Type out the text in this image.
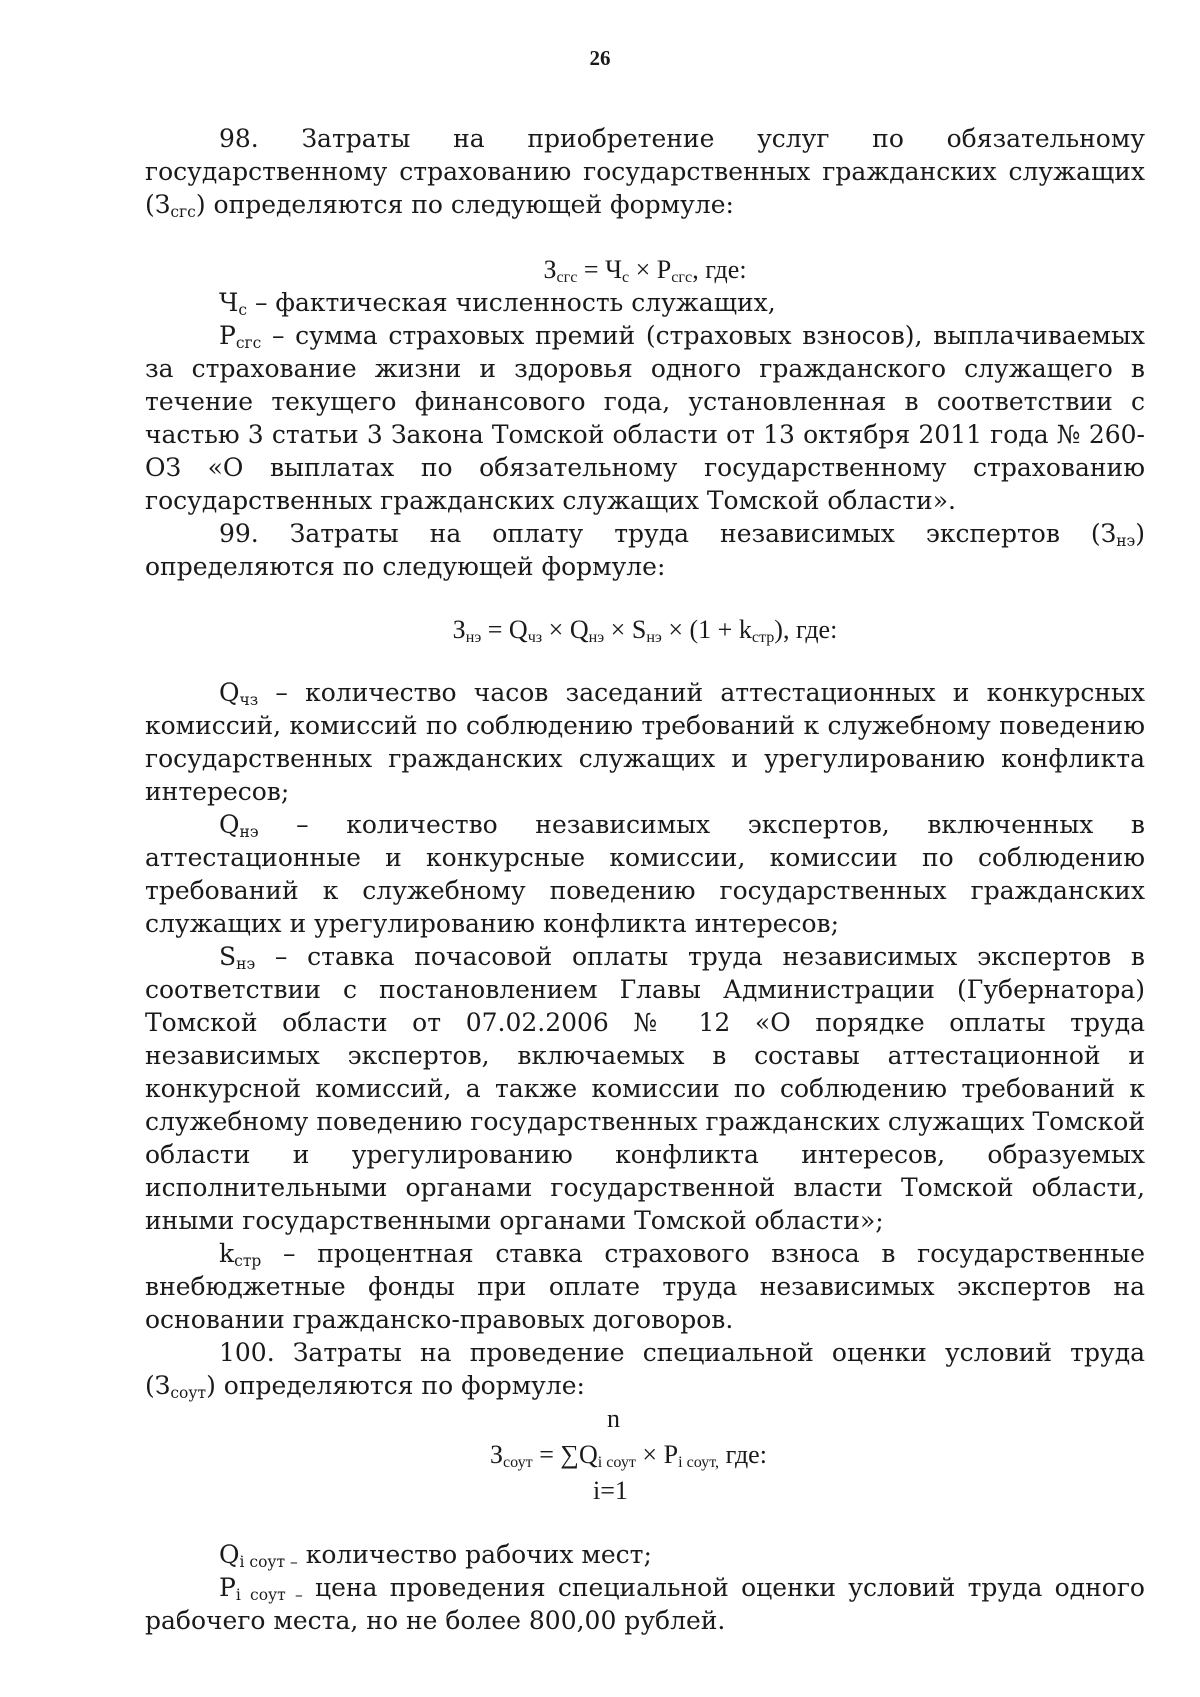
26

98. Затраты на приобретение услуг по обязательному государственному страхованию государственных гражданских служащих $(З_{сгс})$ определяются по следующей формуле:

$З_{сгс} = Ч_с \times Р_{сгс}$, где:

$Ч_с$ – фактическая численность служащих,

$Р_{сгс}$ – сумма страховых премий (страховых взносов), выплачиваемых за страхование жизни и здоровья одного гражданского служащего в течение текущего финансового года, установленная в соответствии с частью 3 статьи 3 Закона Томской области от 13 октября 2011 года № 260-ОЗ «О выплатах по обязательному государственному страхованию государственных гражданских служащих Томской области».

99. Затраты на оплату труда независимых экспертов $(З_{нэ})$ определяются по следующей формуле:

$З_{нэ} = Q_{чз} \times Q_{нэ} \times S_{нэ} \times (1 + k_{стр})$, где:

$Q_{чз}$ – количество часов заседаний аттестационных и конкурсных комиссий, комиссий по соблюдению требований к служебному поведению государственных гражданских служащих и урегулированию конфликта интересов;

$Q_{нэ}$ – количество независимых экспертов, включенных в аттестационные и конкурсные комиссии, комиссии по соблюдению требований к служебному поведению государственных гражданских служащих и урегулированию конфликта интересов;

$S_{нэ}$ – ставка почасовой оплаты труда независимых экспертов в соответствии с постановлением Главы Администрации (Губернатора) Томской области от 07.02.2006 № 12 «О порядке оплаты труда независимых экспертов, включаемых в составы аттестационной и конкурсной комиссий, а также комиссии по соблюдению требований к служебному поведению государственных гражданских служащих Томской области и урегулированию конфликта интересов, образуемых исполнительными органами государственной власти Томской области, иными государственными органами Томской области»;

$k_{стр}$ – процентная ставка страхового взноса в государственные внебюджетные фонды при оплате труда независимых экспертов на основании гражданско-правовых договоров.

100. Затраты на проведение специальной оценки условий труда $(З_{соут})$ определяются по формуле:

n
$З_{соут} = \sum Q_{i соут} \times P_{i соут,}$ где:
i=1

$Q_{i соут -}$ количество рабочих мест;

$P_{i соут -}$ цена проведения специальной оценки условий труда одного рабочего места, но не более 800,00 рублей.
